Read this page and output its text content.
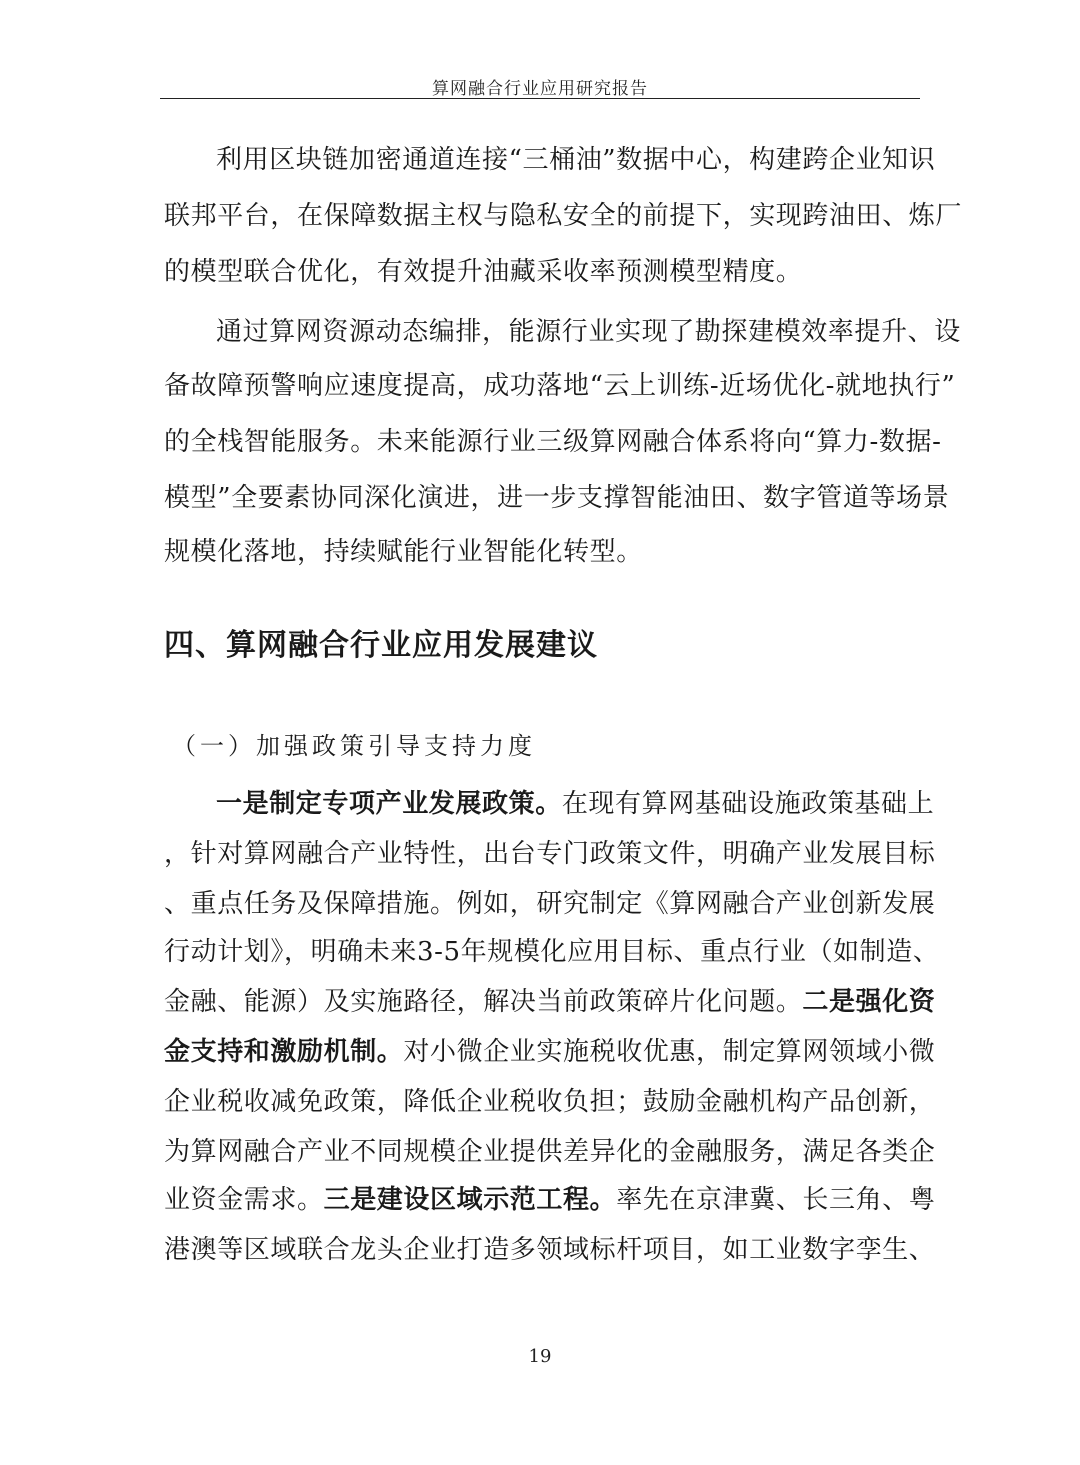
算网融合行业应用研究报告
利用区块链加密通道连接“三桶油”数据中心，构建跨企业知识
联邦平台，在保障数据主权与隐私安全的前提下，实现跨油田、炼厂
的模型联合优化，有效提升油藏采收率预测模型精度。
通过算网资源动态编排，能源行业实现了勘探建模效率提升、设
备故障预警响应速度提高，成功落地“云上训练-近场优化-就地执行”
的全栈智能服务。未来能源行业三级算网融合体系将向“算力-数据-
模型”全要素协同深化演进，进一步支撑智能油田、数字管道等场景
规模化落地，持续赋能行业智能化转型。
四、算网融合行业应用发展建议
（一）加强政策引导支持力度
一是制定专项产业发展政策。在现有算网基础设施政策基础上
，针对算网融合产业特性，出台专门政策文件，明确产业发展目标
、重点任务及保障措施。例如，研究制定《算网融合产业创新发展
行动计划》，明确未来3-5年规模化应用目标、重点行业（如制造、
金融、能源）及实施路径，解决当前政策碎片化问题。二是强化资
金支持和激励机制。对小微企业实施税收优惠，制定算网领域小微
企业税收减免政策，降低企业税收负担；鼓励金融机构产品创新，
为算网融合产业不同规模企业提供差异化的金融服务，满足各类企
业资金需求。三是建设区域示范工程。率先在京津冀、长三角、粤
港澳等区域联合龙头企业打造多领域标杆项目，如工业数字孪生、
19
